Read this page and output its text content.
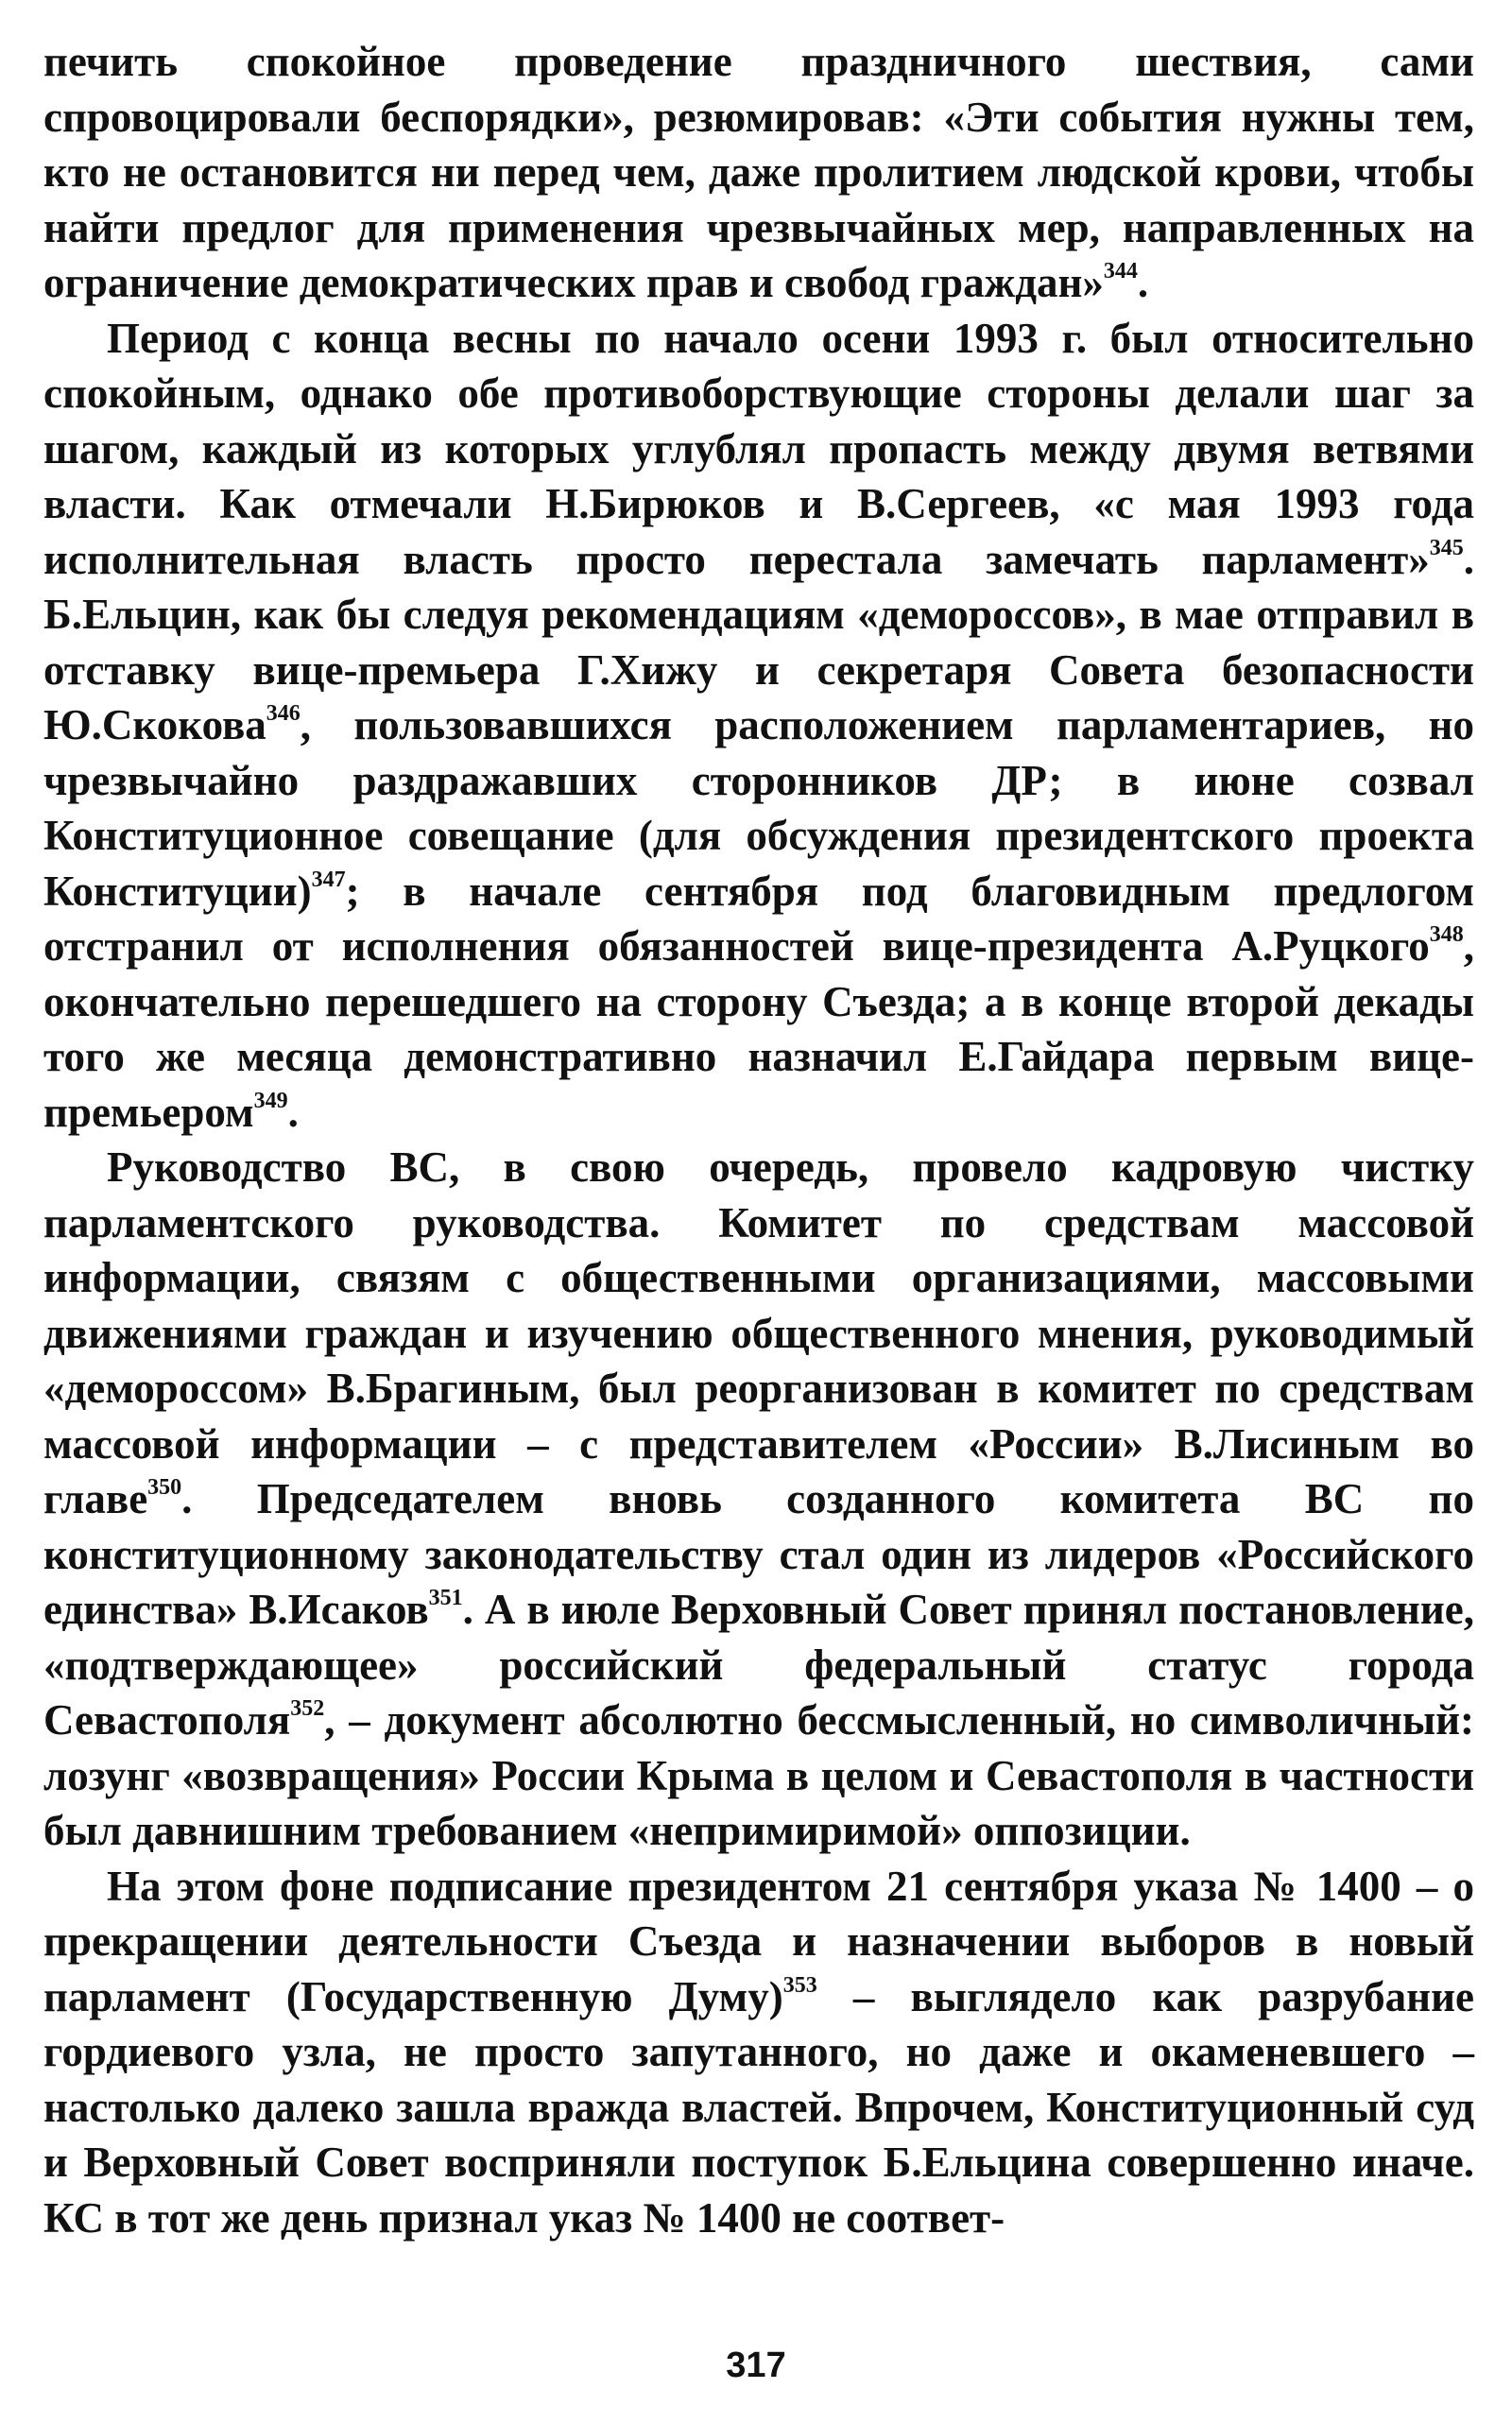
печить спокойное проведение праздничного шествия, сами спровоцировали беспорядки», резюмировав: «Эти события нужны тем, кто не остановится ни перед чем, даже пролитием людской крови, чтобы найти предлог для применения чрезвычайных мер, направленных на ограничение демократических прав и свобод граждан»$^{344}$.

Период с конца весны по начало осени 1993 г. был относительно спокойным, однако обе противоборствующие стороны делали шаг за шагом, каждый из которых углублял пропасть между двумя ветвями власти. Как отмечали Н.Бирюков и В.Сергеев, «с мая 1993 года исполнительная власть просто перестала замечать парламент»$^{345}$. Б.Ельцин, как бы следуя рекомендациям «демороссов», в мае отправил в отставку вице-премьера Г.Хижу и секретаря Совета безопасности Ю.Скокова$^{346}$, пользовавшихся расположением парламентариев, но чрезвычайно раздражавших сторонников ДР; в июне созвал Конституционное совещание (для обсуждения президентского проекта Конституции)$^{347}$; в начале сентября под благовидным предлогом отстранил от исполнения обязанностей вице-президента А.Руцкого$^{348}$, окончательно перешедшего на сторону Съезда; а в конце второй декады того же месяца демонстративно назначил Е.Гайдара первым вице-премьером$^{349}$.

Руководство ВС, в свою очередь, провело кадровую чистку парламентского руководства. Комитет по средствам массовой информации, связям с общественными организациями, массовыми движениями граждан и изучению общественного мнения, руководимый «демороссом» В.Брагиным, был реорганизован в комитет по средствам массовой информации – с представителем «России» В.Лисиным во главе$^{350}$. Председателем вновь созданного комитета ВС по конституционному законодательству стал один из лидеров «Российского единства» В.Исаков$^{351}$. А в июле Верховный Совет принял постановление, «подтверждающее» российский федеральный статус города Севастополя$^{352}$, – документ абсолютно бессмысленный, но символичный: лозунг «возвращения» России Крыма в целом и Севастополя в частности был давнишним требованием «непримиримой» оппозиции.

На этом фоне подписание президентом 21 сентября указа № 1400 – о прекращении деятельности Съезда и назначении выборов в новый парламент (Государственную Думу)$^{353}$ – выглядело как разрубание гордиевого узла, не просто запутанного, но даже и окаменевшего – настолько далеко зашла вражда властей. Впрочем, Конституционный суд и Верховный Совет восприняли поступок Б.Ельцина совершенно иначе. КС в тот же день признал указ № 1400 не соответ-

317
